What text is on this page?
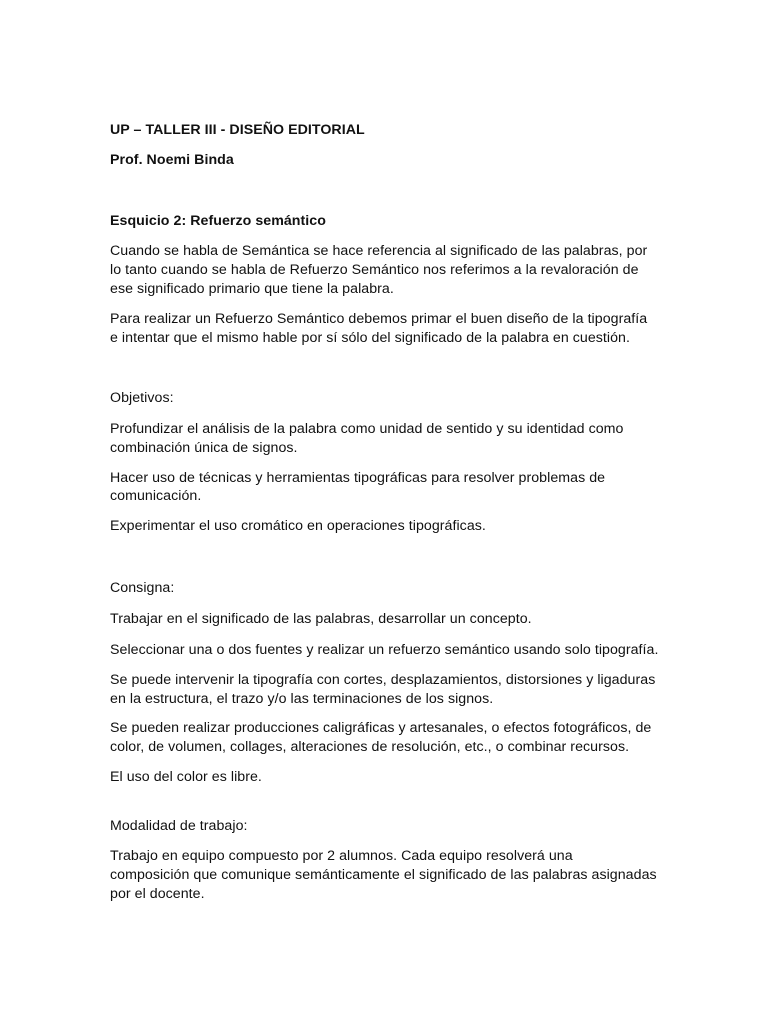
UP – TALLER III - DISEÑO EDITORIAL

Prof. Noemi Binda

Esquicio 2: Refuerzo semántico

Cuando se habla de Semántica se hace referencia al significado de las palabras, por

lo tanto cuando se habla de Refuerzo Semántico nos referimos a la revaloración de

ese significado primario que tiene la palabra.

Para realizar un Refuerzo Semántico debemos primar el buen diseño de la tipografía

e intentar que el mismo hable por sí sólo del significado de la palabra en cuestión.

Objetivos:

Profundizar el análisis de la palabra como unidad de sentido y su identidad como

combinación única de signos.

Hacer uso de técnicas y herramientas tipográficas para resolver problemas de

comunicación.

Experimentar el uso cromático en operaciones tipográficas.

Consigna:

Trabajar en el significado de las palabras, desarrollar un concepto.

Seleccionar una o dos fuentes y realizar un refuerzo semántico usando solo tipografía.

Se puede intervenir la tipografía con cortes, desplazamientos, distorsiones y ligaduras

en la estructura, el trazo y/o las terminaciones de los signos.

Se pueden realizar producciones caligráficas y artesanales, o efectos fotográficos, de

color, de volumen, collages, alteraciones de resolución, etc., o combinar recursos.

El uso del color es libre.

Modalidad de trabajo:

Trabajo en equipo compuesto por 2 alumnos. Cada equipo resolverá una

composición que comunique semánticamente el significado de las palabras asignadas

por el docente.
